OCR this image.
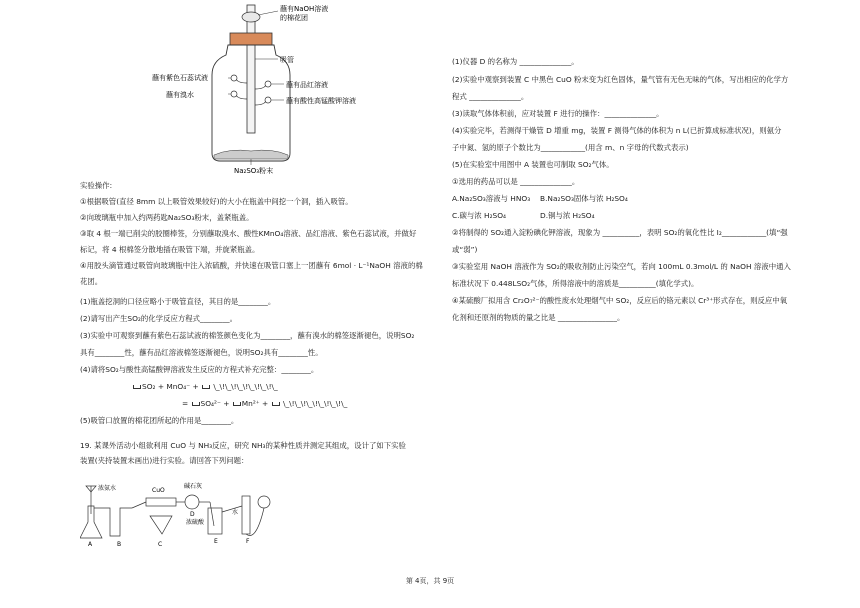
蘸有NaOH溶液
的棉花团
吸管
蘸有紫色石蕊试液
蘸有溴水
蘸有品红溶液
蘸有酸性高锰酸钾溶液
Na₂SO₃粉末
实验操作:
①根据吸管(直径 8mm 以上吸管效果较好)的大小在瓶盖中间挖一个洞，插入吸管。
②向玻璃瓶中加入约两药匙Na₂SO₃粉末，盖紧瓶盖。
③取 4 根一端已削尖的胶圈棒签，分别蘸取溴水、酸性KMnO₄溶液、品红溶液、紫色石蕊试液，并做好
标记，将 4 根棉签分散地插在吸管下端，并旋紧瓶盖。
④用胶头滴管通过吸管向玻璃瓶中注入浓硫酸，并快速在吸管口塞上一团蘸有 6mol · L⁻¹NaOH 溶液的棉
花团。
(1)瓶盖挖洞的口径应略小于吸管直径，其目的是________。
(2)请写出产生SO₂的化学反应方程式________。
(3)实验中可观察到蘸有紫色石蕊试液的棉签颜色变化为________，蘸有溴水的棉签逐渐褪色，说明SO₂
具有________性，蘸有品红溶液棉签逐渐褪色，说明SO₂具有________性。
(4)请将SO₂与酸性高锰酸钾溶液发生反应的方程式补充完整：________。
SO₂ + MnO₄⁻ +  \_\!\_\!\_\!\_\!\_\!\_
= SO₄²⁻ + Mn²⁺ +  \_\!\_\!\_\!\_\!\_\!\_
(5)吸管口放置的棉花团所起的作用是________。
19. 某课外活动小组欲利用 CuO 与 NH₃反应，研究 NH₃的某种性质并测定其组成，设计了如下实验
装置(夹持装置未画出)进行实验。请回答下列问题：
浓氨水	CuO
碱石灰
浓硫酸
水
A	B	C
D
E	F
(1)仪器 D 的名称为 ______________。
(2)实验中观察到装置 C 中黑色 CuO 粉末变为红色固体，量气管有无色无味的气体，写出相应的化学方
程式 ______________。
(3)读取气体体积前，应对装置 F 进行的操作：______________。
(4)实验完毕，若测得干燥管 D 增重 mg，装置 F 测得气体的体积为 n L(已折算成标准状况)，则氨分
子中氮、氢的原子个数比为____________(用含 m、n 字母的代数式表示)
(5)在实验室中用图中 A 装置也可制取 SO₂气体。
①选用的药品可以是 ______________。
A.Na₂SO₃溶液与 HNO₃ B.Na₂SO₃固体与浓 H₂SO₄
C.碳与浓 H₂SO₄	D.铜与浓 H₂SO₄
②将制得的 SO₂通入淀粉碘化钾溶液，现象为 __________，表明 SO₂的氧化性比 I₂____________(填“强
或“弱”)
③实验室用 NaOH 溶液作为 SO₂的吸收剂防止污染空气，若向 100mL 0.3mol/L 的 NaOH 溶液中通入
标准状况下 0.448LSO₂气体，所得溶液中的溶质是__________(填化学式)。
④某硫酸厂拟用含 Cr₂O₇²⁻的酸性废水处理烟气中 SO₂，反应后的铬元素以 Cr³⁺形式存在，则反应中氧
化剂和还原剂的物质的量之比是 ________________。
第 4页，共 9页
